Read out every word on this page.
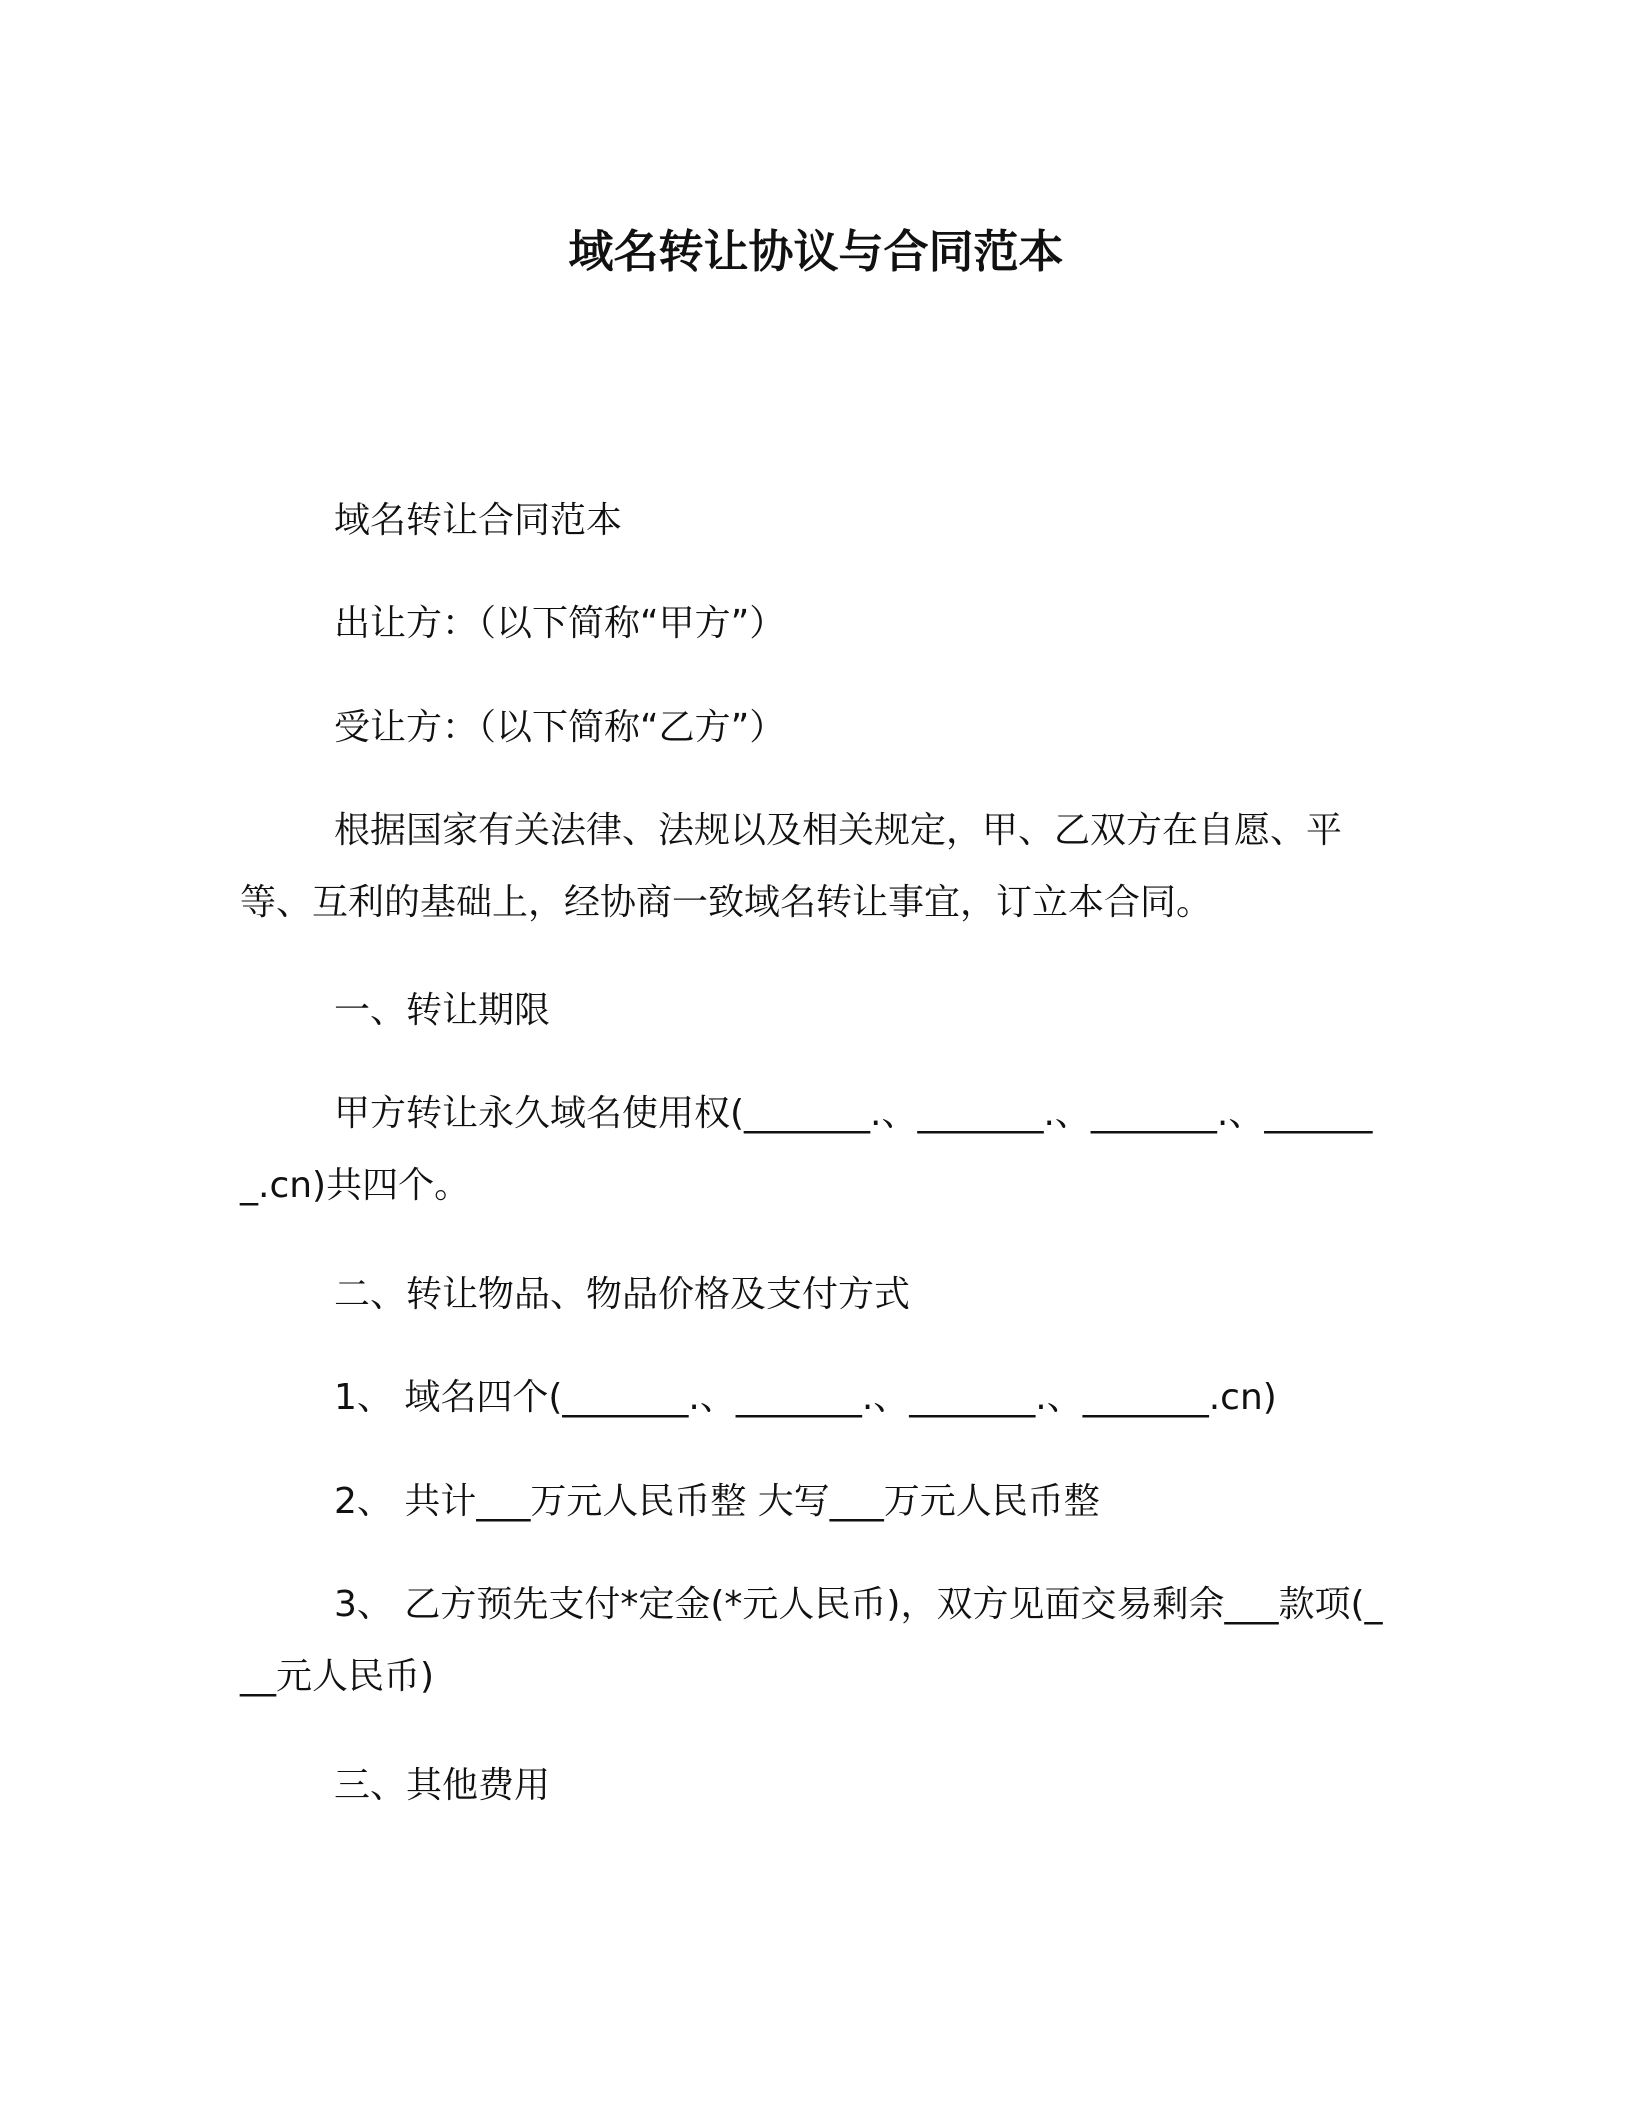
域名转让协议与合同范本

域名转让合同范本

出让方：（以下简称“甲方”）

受让方：（以下简称“乙方”）

根据国家有关法律、法规以及相关规定，甲、乙双方在自愿、平等、互利的基础上，经协商一致域名转让事宜，订立本合同。

一、转让期限

甲方转让永久域名使用权(_______.、_______.、_______.、_______.cn)共四个。

二、转让物品、物品价格及支付方式

1、 域名四个(_______.、_______.、_______.、_______.cn)

2、 共计___万元人民币整 大写___万元人民币整

3、 乙方预先支付*定金(*元人民币)，双方见面交易剩余___款项(___元人民币)

三、其他费用
